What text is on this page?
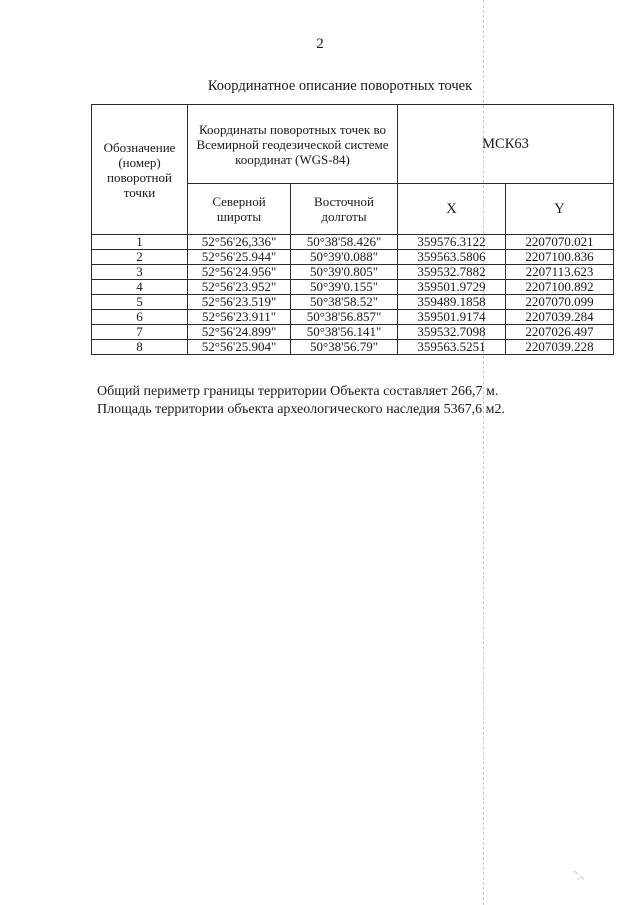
2
Координатное описание поворотных точек
Обозначение (номер) поворотной точки	Координаты поворотных точек во Всемирной геодезической системе координат (WGS-84)		МСК63	
	Северной широты	Восточной долготы	X	Y
1	52°56'26,336"	50°38'58.426"	359576.3122	2207070.021
2	52°56'25.944"	50°39'0.088"	359563.5806	2207100.836
3	52°56'24.956"	50°39'0.805"	359532.7882	2207113.623
4	52°56'23.952"	50°39'0.155"	359501.9729	2207100.892
5	52°56'23.519"	50°38'58.52"	359489.1858	2207070.099
6	52°56'23.911"	50°38'56.857"	359501.9174	2207039.284
7	52°56'24.899"	50°38'56.141"	359532.7098	2207026.497
8	52°56'25.904"	50°38'56.79"	359563.5251	2207039.228
Общий периметр границы территории Объекта составляет 266,7 м.
Площадь территории объекта археологического наследия 5367,6 м2.
